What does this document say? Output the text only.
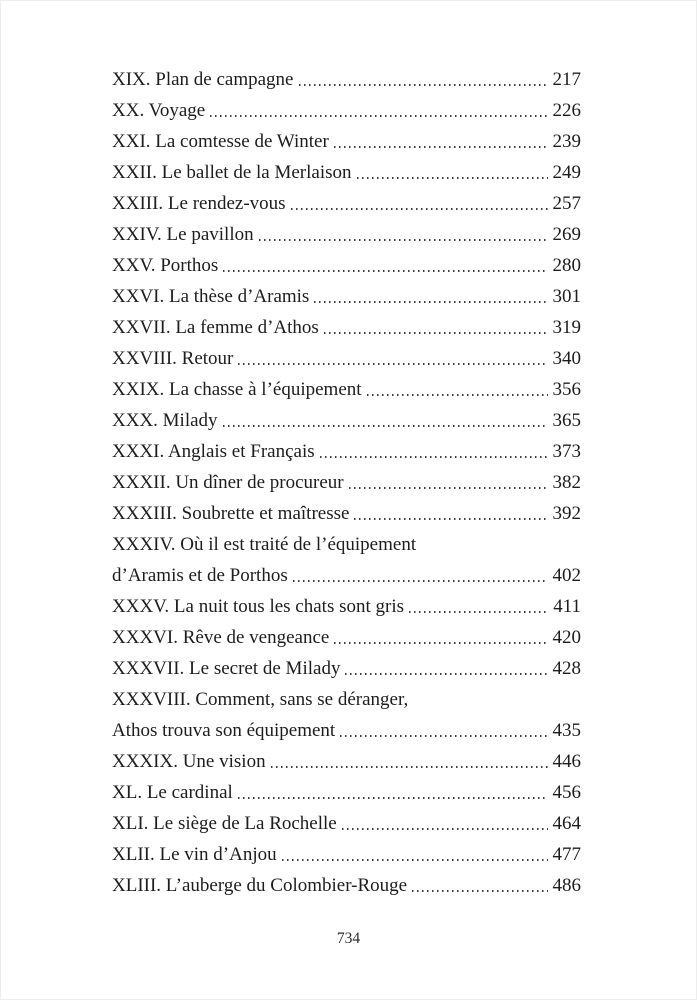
XIX. Plan de campagne	217
XX. Voyage	226
XXI. La comtesse de Winter	239
XXII. Le ballet de la Merlaison	249
XXIII. Le rendez-vous	257
XXIV. Le pavillon	269
XXV. Porthos	280
XXVI. La thèse d’Aramis	301
XXVII. La femme d’Athos	319
XXVIII. Retour	340
XXIX. La chasse à l’équipement	356
XXX. Milady	365
XXXI. Anglais et Français	373
XXXII. Un dîner de procureur	382
XXXIII. Soubrette et maîtresse	392
XXXIV. Où il est traité de l’équipement
d’Aramis et de Porthos	402
XXXV. La nuit tous les chats sont gris	411
XXXVI. Rêve de vengeance	420
XXXVII. Le secret de Milady	428
XXXVIII. Comment, sans se déranger,
Athos trouva son équipement	435
XXXIX. Une vision	446
XL. Le cardinal	456
XLI. Le siège de La Rochelle	464
XLII. Le vin d’Anjou	477
XLIII. L’auberge du Colombier-Rouge	486
734
